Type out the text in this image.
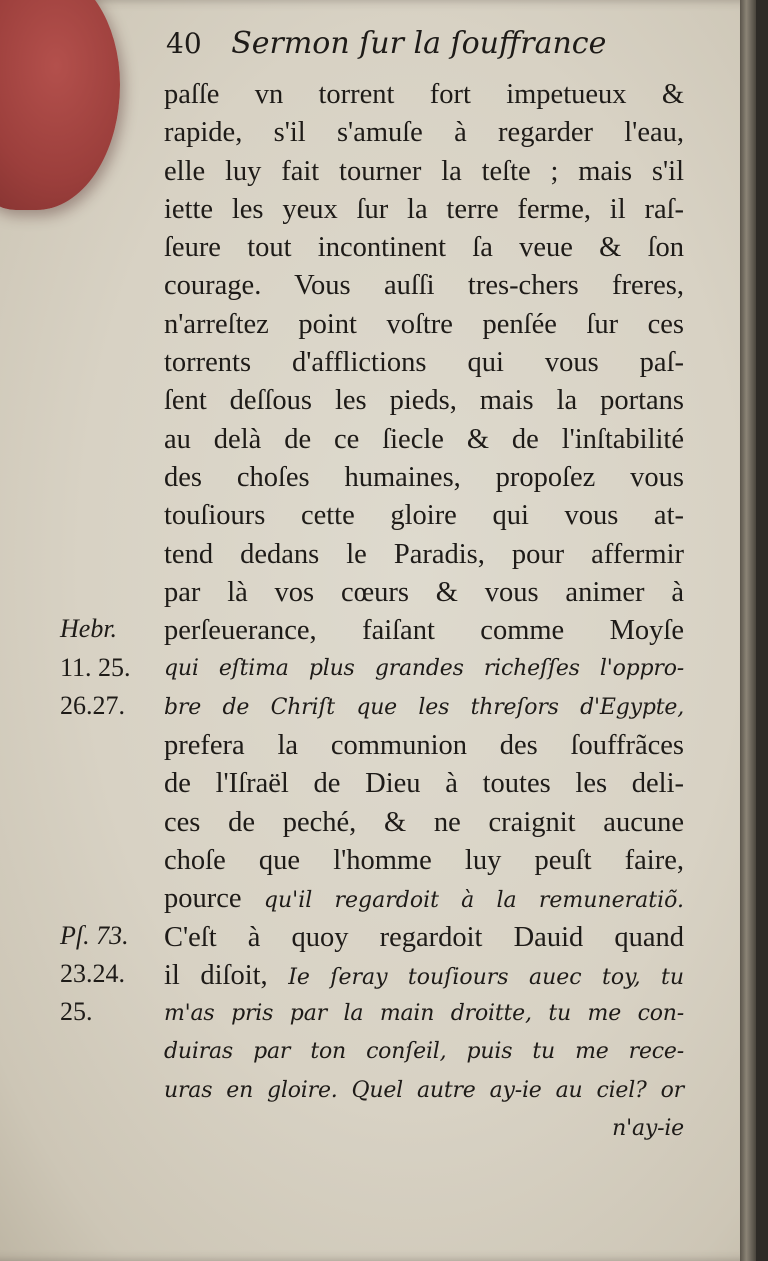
40 Sermon ſur la ſouffrance
paſſe vn torrent fort impetueux &
rapide, s'il s'amuſe à regarder l'eau,
elle luy fait tourner la teſte ; mais s'il
iette les yeux ſur la terre ferme, il raſ-
ſeure tout incontinent ſa veue & ſon
courage. Vous auſſi tres-chers freres,
n'arreſtez point voſtre penſée ſur ces
torrents d'afflictions qui vous paſ-
ſent deſſous les pieds, mais la portans
au delà de ce ſiecle & de l'inſtabilité
des choſes humaines, propoſez vous
touſiours cette gloire qui vous at-
tend dedans le Paradis, pour affermir
par là vos cœurs & vous animer à
perſeuerance, faiſant comme Moyſe
qui eſtima plus grandes richeſſes l'oppro-
bre de Chriſt que les threſors d'Egypte,
prefera la communion des ſouffrãces
de l'Iſraël de Dieu à toutes les deli-
ces de peché, & ne craignit aucune
choſe que l'homme luy peuſt faire,
pource qu'il regardoit à la remuneratiõ.
C'eſt à quoy regardoit Dauid quand
il diſoit, Ie ſeray touſiours auec toy, tu
m'as pris par la main droitte, tu me con-
duiras par ton conſeil, puis tu me rece-
uras en gloire. Quel autre ay-ie au ciel? or
n'ay-ie
Hebr.
11. 25.
26.27.
Pſ. 73.
23.24.
25.
